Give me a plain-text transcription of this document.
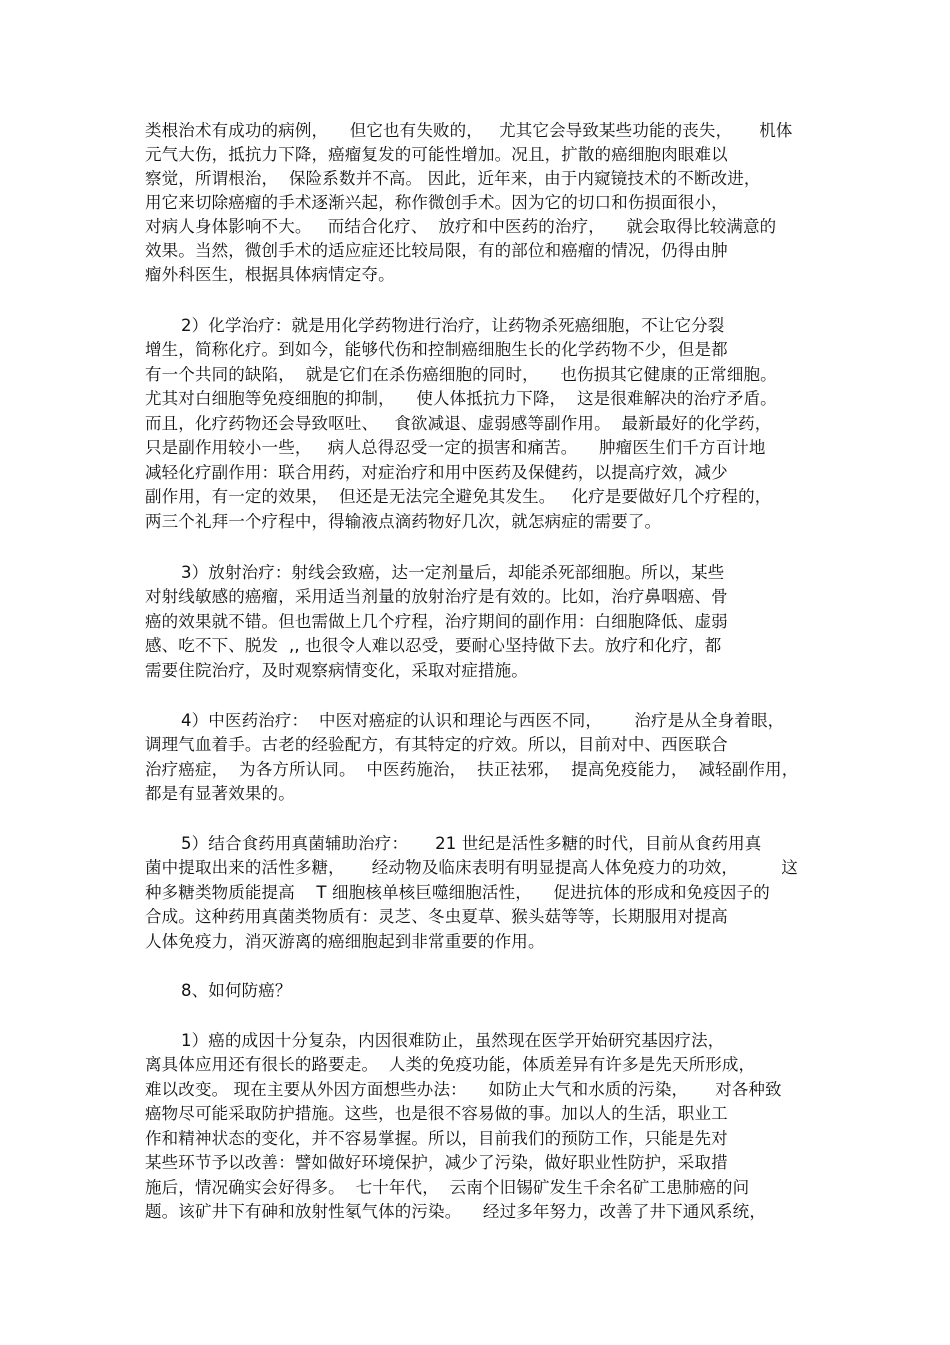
类根治术有成功的病例，    但它也有失败的，   尤其它会导致某些功能的丧失，     机体
元气大伤，抵抗力下降，癌瘤复发的可能性增加。况且，扩散的癌细胞肉眼难以
察觉，所谓根治，  保险系数并不高。 因此，近年来，由于内窥镜技术的不断改进，
用它来切除癌瘤的手术逐渐兴起，称作微创手术。因为它的切口和伤损面很小，
对病人身体影响不大。   而结合化疗、  放疗和中医药的治疗，    就会取得比较满意的
效果。当然，微创手术的适应症还比较局限，有的部位和癌瘤的情况，仍得由肿
瘤外科医生，根据具体病情定夺。
2）化学治疗：就是用化学药物进行治疗，让药物杀死癌细胞，不让它分裂
增生，简称化疗。到如今，能够代伤和控制癌细胞生长的化学药物不少，但是都
有一个共同的缺陷，  就是它们在杀伤癌细胞的同时，    也伤损其它健康的正常细胞。
尤其对白细胞等免疫细胞的抑制，    使人体抵抗力下降，  这是很难解决的治疗矛盾。
而且，化疗药物还会导致呕吐、   食欲减退、虚弱感等副作用。  最新最好的化学药，
只是副作用较小一些，   病人总得忍受一定的损害和痛苦。    肿瘤医生们千方百计地
减轻化疗副作用：联合用药，对症治疗和用中医药及保健药，以提高疗效，减少
副作用，有一定的效果，  但还是无法完全避免其发生。   化疗是要做好几个疗程的，
两三个礼拜一个疗程中，得输液点滴药物好几次，就怎病症的需要了。
3）放射治疗：射线会致癌，达一定剂量后，却能杀死部细胞。所以，某些
对射线敏感的癌瘤，采用适当剂量的放射治疗是有效的。比如，治疗鼻咽癌、骨
癌的效果就不错。但也需做上几个疗程，治疗期间的副作用：白细胞降低、虚弱
感、吃不下、脱发  ,, 也很令人难以忍受，要耐心坚持做下去。放疗和化疗，都
需要住院治疗，及时观察病情变化，采取对症措施。
4）中医药治疗：  中医对癌症的认识和理论与西医不同，      治疗是从全身着眼，
调理气血着手。古老的经验配方，有其特定的疗效。所以，目前对中、西医联合
治疗癌症，  为各方所认同。  中医药施治，  扶正祛邪，  提高免疫能力，  减轻副作用，
都是有显著效果的。
5）结合食药用真菌辅助治疗：     21 世纪是活性多糖的时代，目前从食药用真
菌中提取出来的活性多糖，     经动物及临床表明有明显提高人体免疫力的功效，        这
种多糖类物质能提高    T 细胞核单核巨噬细胞活性，    促进抗体的形成和免疫因子的
合成。这种药用真菌类物质有：灵芝、冬虫夏草、猴头菇等等，长期服用对提高
人体免疫力，消灭游离的癌细胞起到非常重要的作用。
8、如何防癌？
1）癌的成因十分复杂，内因很难防止，虽然现在医学开始研究基因疗法，
离具体应用还有很长的路要走。  人类的免疫功能，体质差异有许多是先天所形成，
难以改变。 现在主要从外因方面想些办法：    如防止大气和水质的污染，     对各种致
癌物尽可能采取防护措施。这些，也是很不容易做的事。加以人的生活，职业工
作和精神状态的变化，并不容易掌握。所以，目前我们的预防工作，只能是先对
某些环节予以改善：譬如做好环境保护，减少了污染，做好职业性防护，采取措
施后，情况确实会好得多。  七十年代，  云南个旧锡矿发生千余名矿工患肺癌的问
题。该矿井下有砷和放射性氡气体的污染。    经过多年努力，改善了井下通风系统，
